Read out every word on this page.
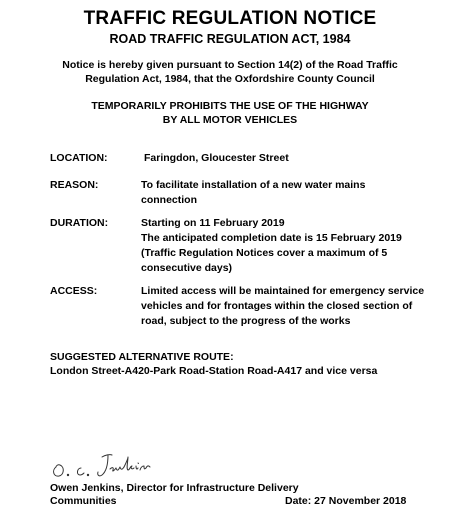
TRAFFIC REGULATION NOTICE
ROAD TRAFFIC REGULATION ACT, 1984
Notice is hereby given pursuant to Section 14(2) of the Road Traffic
Regulation Act, 1984, that the Oxfordshire County Council
TEMPORARILY PROHIBITS THE USE OF THE HIGHWAY
BY ALL MOTOR VEHICLES
LOCATION:	Faringdon, Gloucester Street
REASON:	To facilitate installation of a new water mains
connection
DURATION:	Starting on 11 February 2019
The anticipated completion date is 15 February 2019
(Traffic Regulation Notices cover a maximum of 5
consecutive days)
ACCESS:	Limited access will be maintained for emergency service
vehicles and for frontages within the closed section of
road, subject to the progress of the works
SUGGESTED ALTERNATIVE ROUTE:
London Street-A420-Park Road-Station Road-A417 and vice versa
Owen Jenkins, Director for Infrastructure Delivery
Communities	Date: 27 November 2018
